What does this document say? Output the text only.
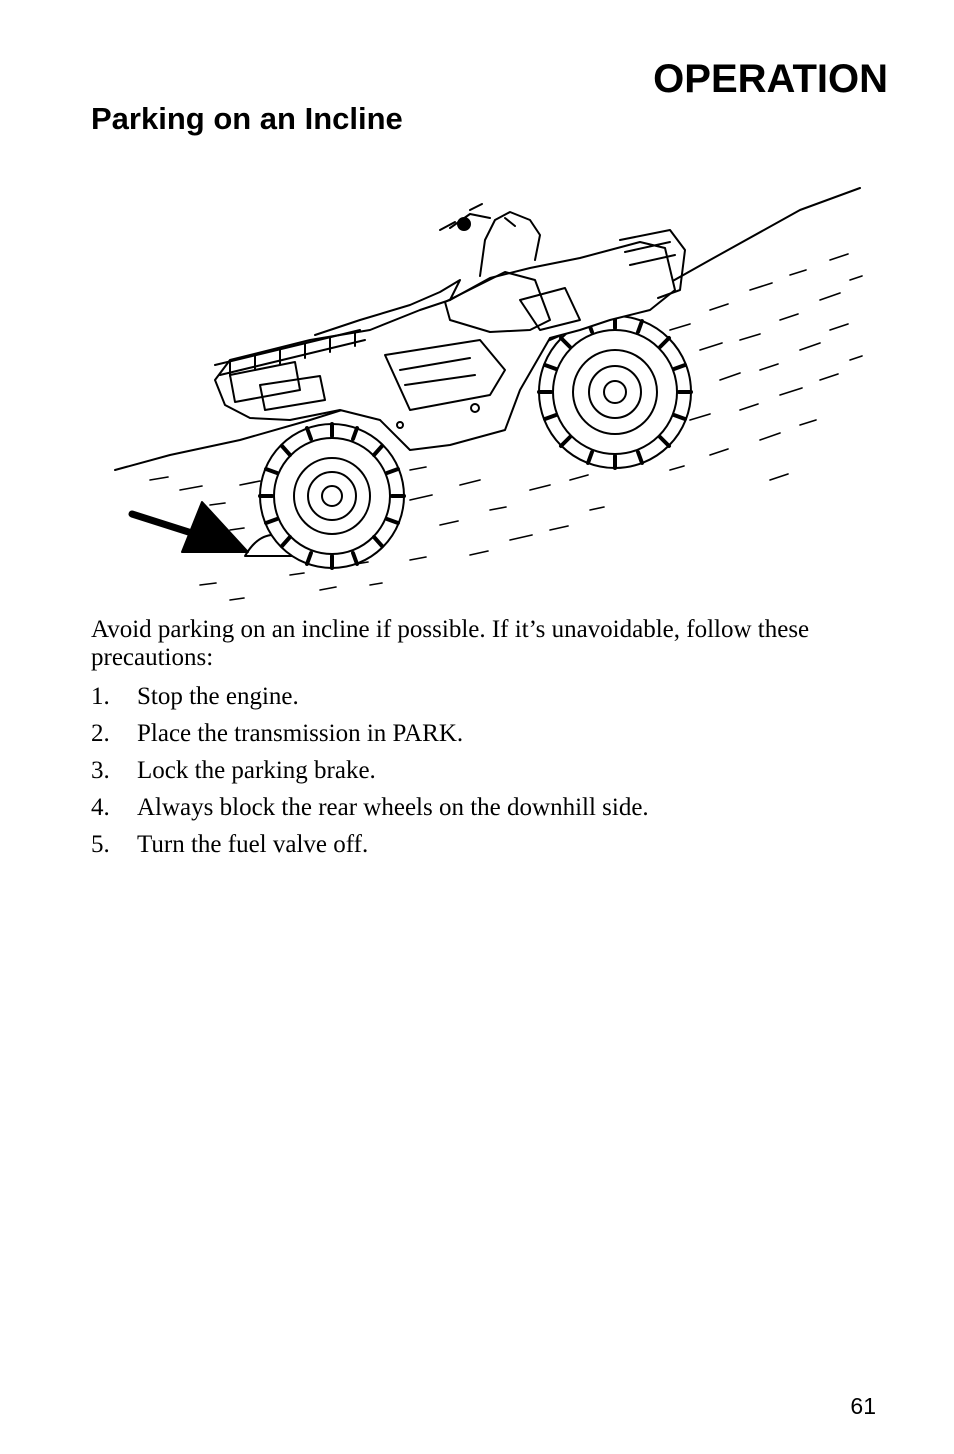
OPERATION
Parking on an Incline

Avoid parking on an incline if possible. If it’s unavoidable, follow these precautions:

1.	Stop the engine.
2.	Place the transmission in PARK.
3.	Lock the parking brake.
4.	Always block the rear wheels on the downhill side.
5.	Turn the fuel valve off.
61
